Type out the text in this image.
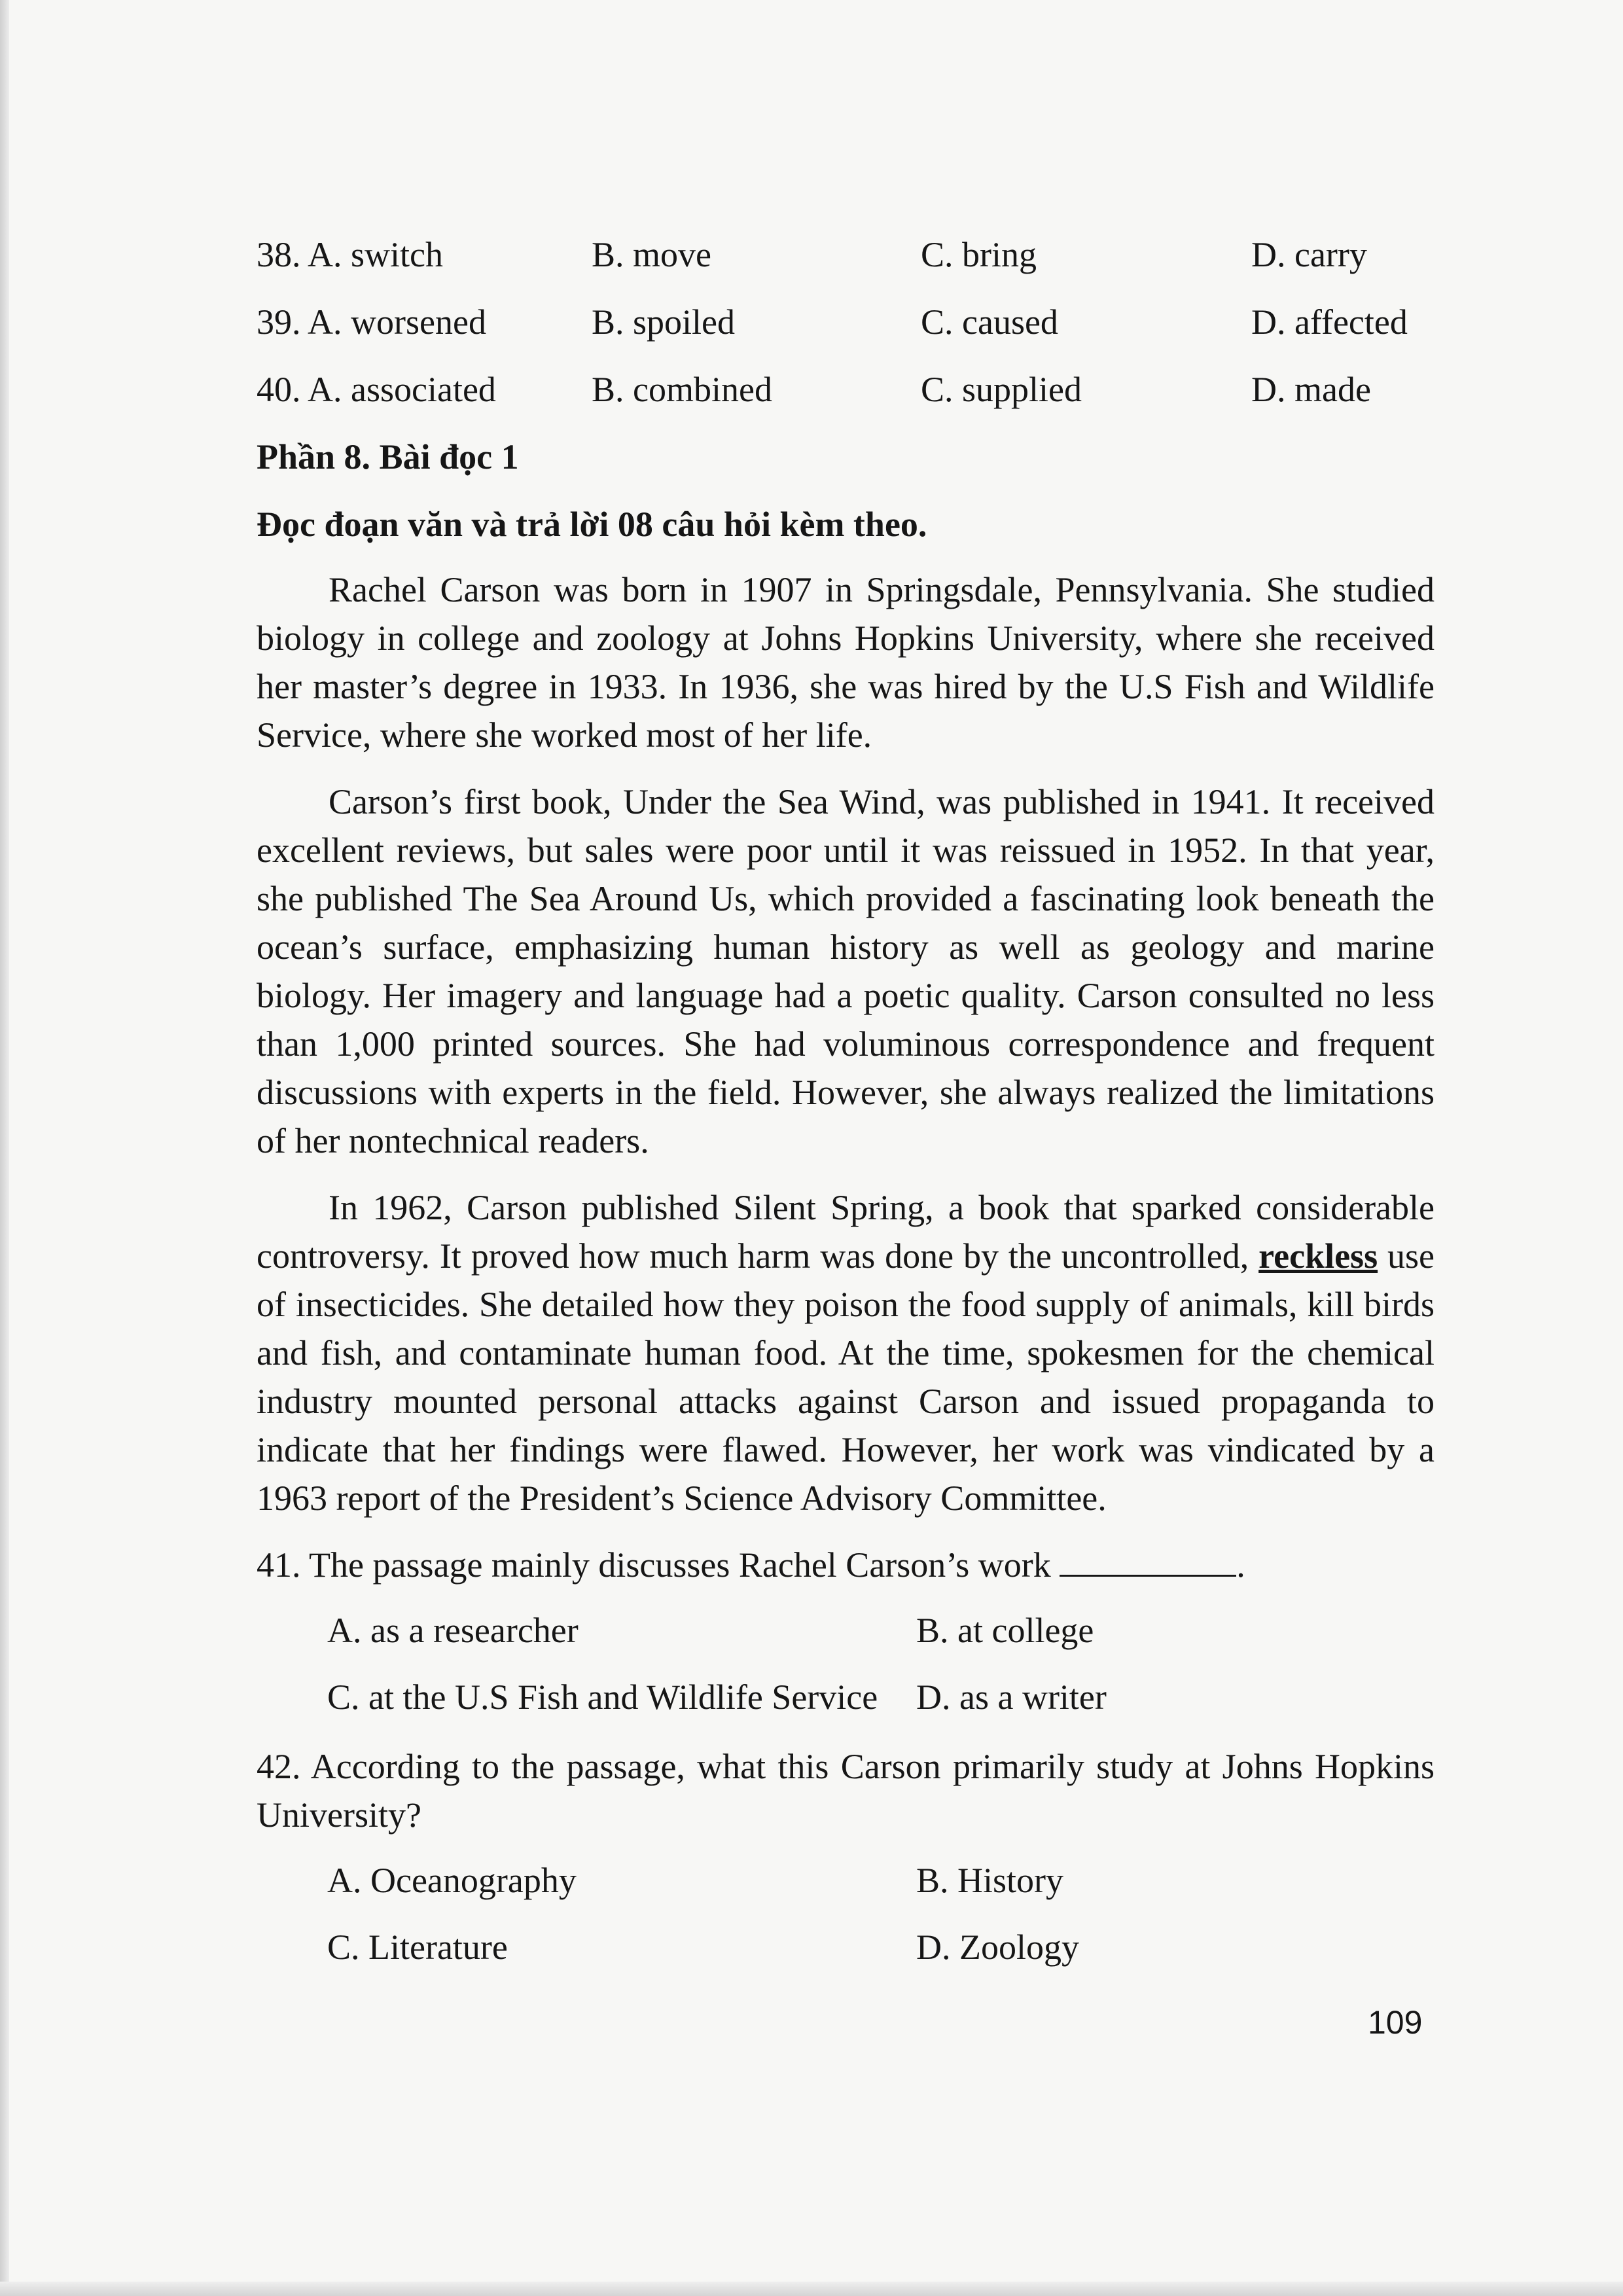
38. A. switch	B. move	C. bring	D. carry
39. A. worsened	B. spoiled	C. caused	D. affected
40. A. associated	B. combined	C. supplied	D. made

Phần 8. Bài đọc 1

Đọc đoạn văn và trả lời 08 câu hỏi kèm theo.

Rachel Carson was born in 1907 in Springsdale, Pennsylvania. She studied biology in college and zoology at Johns Hopkins University, where she received her master’s degree in 1933. In 1936, she was hired by the U.S Fish and Wildlife Service, where she worked most of her life.

Carson’s first book, Under the Sea Wind, was published in 1941. It received excellent reviews, but sales were poor until it was reissued in 1952. In that year, she published The Sea Around Us, which provided a fascinating look beneath the ocean’s surface, emphasizing human history as well as geology and marine biology. Her imagery and language had a poetic quality. Carson consulted no less than 1,000 printed sources. She had voluminous correspondence and frequent discussions with experts in the field. However, she always realized the limitations of her nontechnical readers.

In 1962, Carson published Silent Spring, a book that sparked considerable controversy. It proved how much harm was done by the uncontrolled, reckless use of insecticides. She detailed how they poison the food supply of animals, kill birds and fish, and contaminate human food. At the time, spokesmen for the chemical industry mounted personal attacks against Carson and issued propaganda to indicate that her findings were flawed. However, her work was vindicated by a 1963 report of the President’s Science Advisory Committee.

41. The passage mainly discusses Rachel Carson’s work	.

A. as a researcher	B. at college
C. at the U.S Fish and Wildlife Service D. as a writer

42. According to the passage, what this Carson primarily study at Johns Hopkins University?

A. Oceanography	B. History
C. Literature	D. Zoology
109
